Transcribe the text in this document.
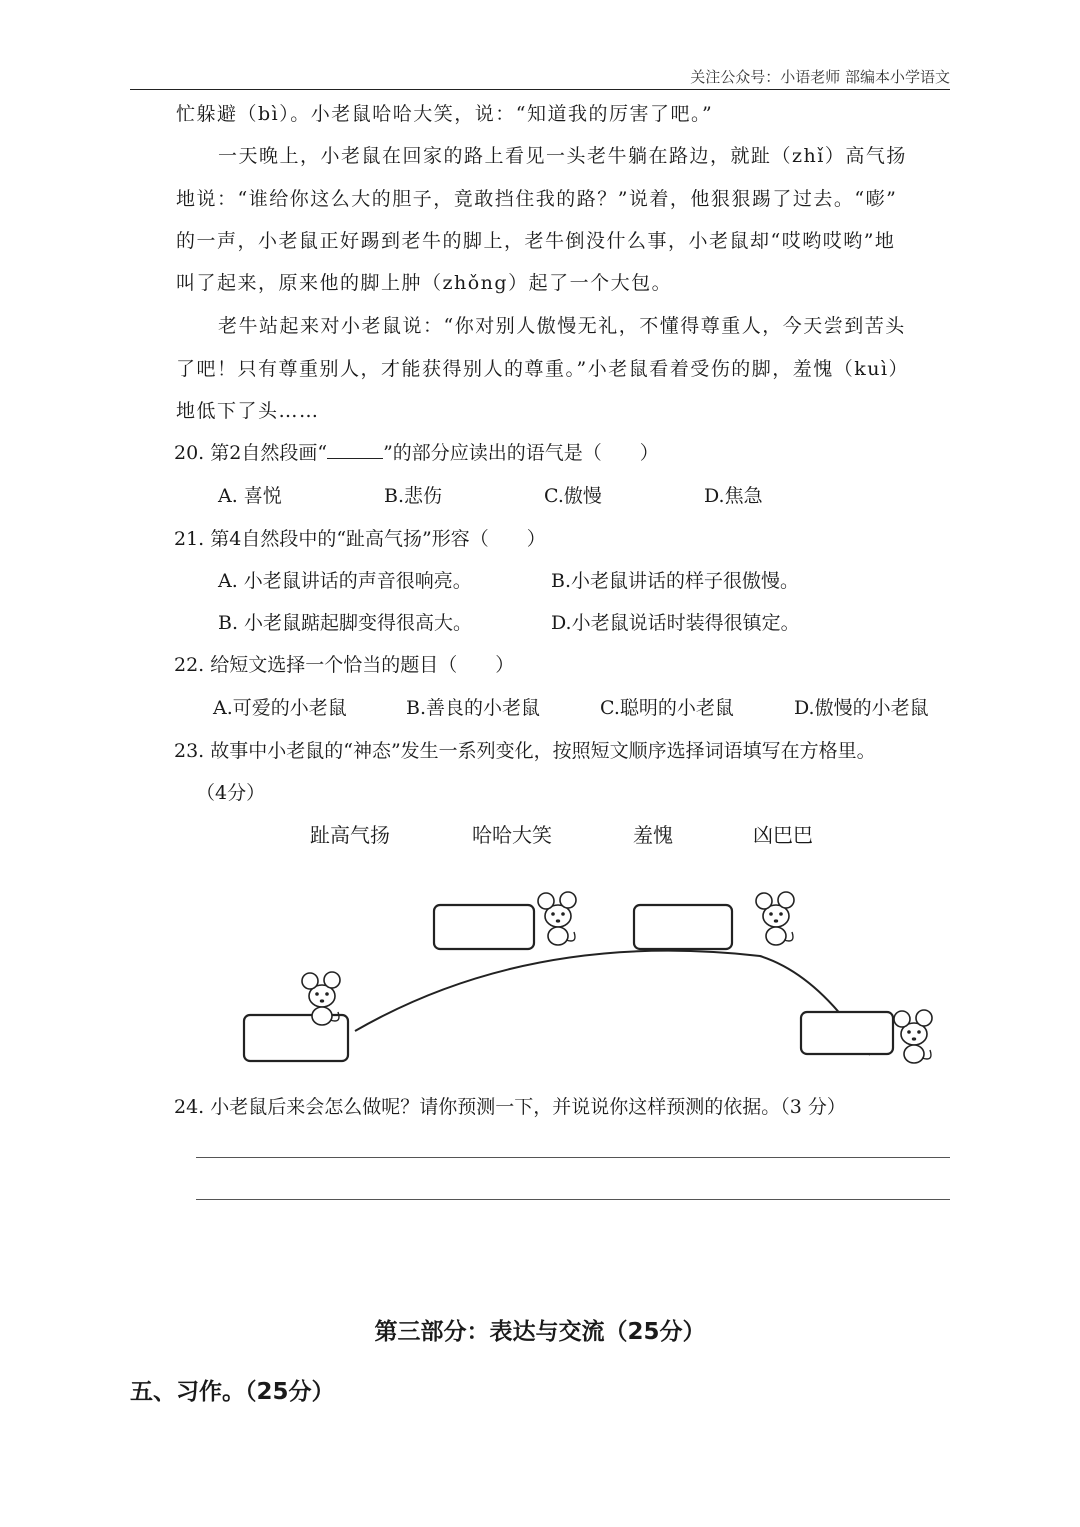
关注公众号：小语老师 部编本小学语文
忙躲避（bì）。小老鼠哈哈大笑，说：“知道我的厉害了吧。”
一天晚上，小老鼠在回家的路上看见一头老牛躺在路边，就趾（zhǐ）高气扬
地说：“谁给你这么大的胆子，竟敢挡住我的路？”说着，他狠狠踢了过去。“嘭”
的一声，小老鼠正好踢到老牛的脚上，老牛倒没什么事，小老鼠却“哎哟哎哟”地
叫了起来，原来他的脚上肿（zhǒng）起了一个大包。
老牛站起来对小老鼠说：“你对别人傲慢无礼，不懂得尊重人，今天尝到苦头
了吧！只有尊重别人，才能获得别人的尊重。”小老鼠看着受伤的脚，羞愧（kuì）
地低下了头……
20. 第2自然段画“	”的部分应读出的语气是（　　）
A. 喜悦	B.悲伤	C.傲慢	D.焦急
21. 第4自然段中的“趾高气扬”形容（　　）
A. 小老鼠讲话的声音很响亮。	B.小老鼠讲话的样子很傲慢。
B. 小老鼠踮起脚变得很高大。	D.小老鼠说话时装得很镇定。
22. 给短文选择一个恰当的题目（　　）
A.可爱的小老鼠	B.善良的小老鼠	C.聪明的小老鼠	D.傲慢的小老鼠
23. 故事中小老鼠的“神态”发生一系列变化，按照短文顺序选择词语填写在方格里。
（4分）
趾高气扬	哈哈大笑	羞愧	凶巴巴
24. 小老鼠后来会怎么做呢？请你预测一下，并说说你这样预测的依据。（3 分）
第三部分：表达与交流（25分）
五、习作。（25分）
